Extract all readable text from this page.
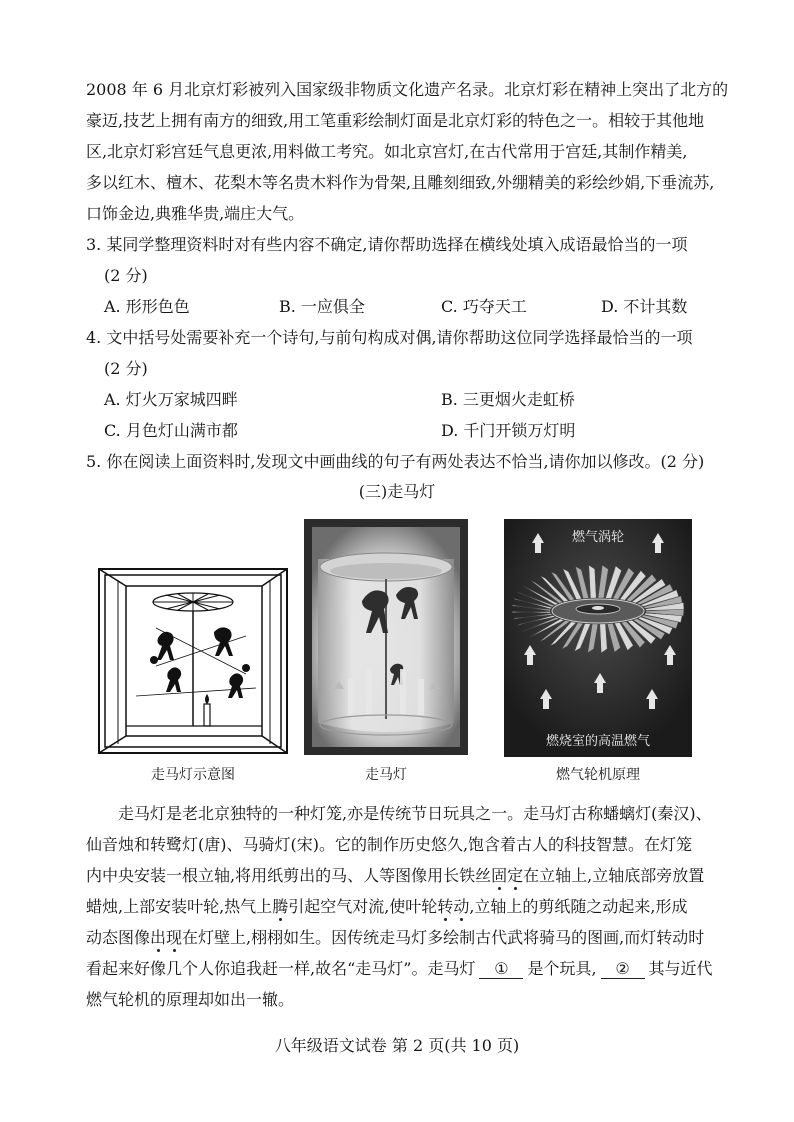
2008 年 6 月北京灯彩被列入国家级非物质文化遗产名录。北京灯彩在精神上突出了北方的
豪迈,技艺上拥有南方的细致,用工笔重彩绘制灯面是北京灯彩的特色之一。相较于其他地
区,北京灯彩宫廷气息更浓,用料做工考究。如北京宫灯,在古代常用于宫廷,其制作精美,
多以红木、檀木、花梨木等名贵木料作为骨架,且雕刻细致,外绷精美的彩绘纱娟,下垂流苏,
口饰金边,典雅华贵,端庄大气。

3. 某同学整理资料时对有些内容不确定,请你帮助选择在横线处填入成语最恰当的一项

(2 分)

A. 形形色色	B. 一应俱全	C. 巧夺天工	D. 不计其数

4. 文中括号处需要补充一个诗句,与前句构成对偶,请你帮助这位同学选择最恰当的一项

(2 分)

A. 灯火万家城四畔	B. 三更烟火走虹桥
C. 月色灯山满市都	D. 千门开锁万灯明

5. 你在阅读上面资料时,发现文中画曲线的句子有两处表达不恰当,请你加以修改。(2 分)

(三)走马灯
走马灯示意图	走马灯
燃气涡轮
燃烧室的高温燃气
燃气轮机原理
走马灯是老北京独特的一种灯笼,亦是传统节日玩具之一。走马灯古称蟠螭灯(秦汉)、
仙音烛和转鹭灯(唐)、马骑灯(宋)。它的制作历史悠久,饱含着古人的科技智慧。在灯笼
内中央安装一根立轴,将用纸剪出的马、人等图像用长铁丝固定在立轴上,立轴底部旁放置
蜡烛,上部安装叶轮,热气上腾引起空气对流,使叶轮转动,立轴上的剪纸随之动起来,形成
动态图像出现在灯壁上,栩栩如生。因传统走马灯多绘制古代武将骑马的图画,而灯转动时
看起来好像几个人你追我赶一样,故名“走马灯”。走马灯 ① 是个玩具, ② 其与近代
燃气轮机的原理却如出一辙。
八年级语文试卷 第 2 页(共 10 页)
